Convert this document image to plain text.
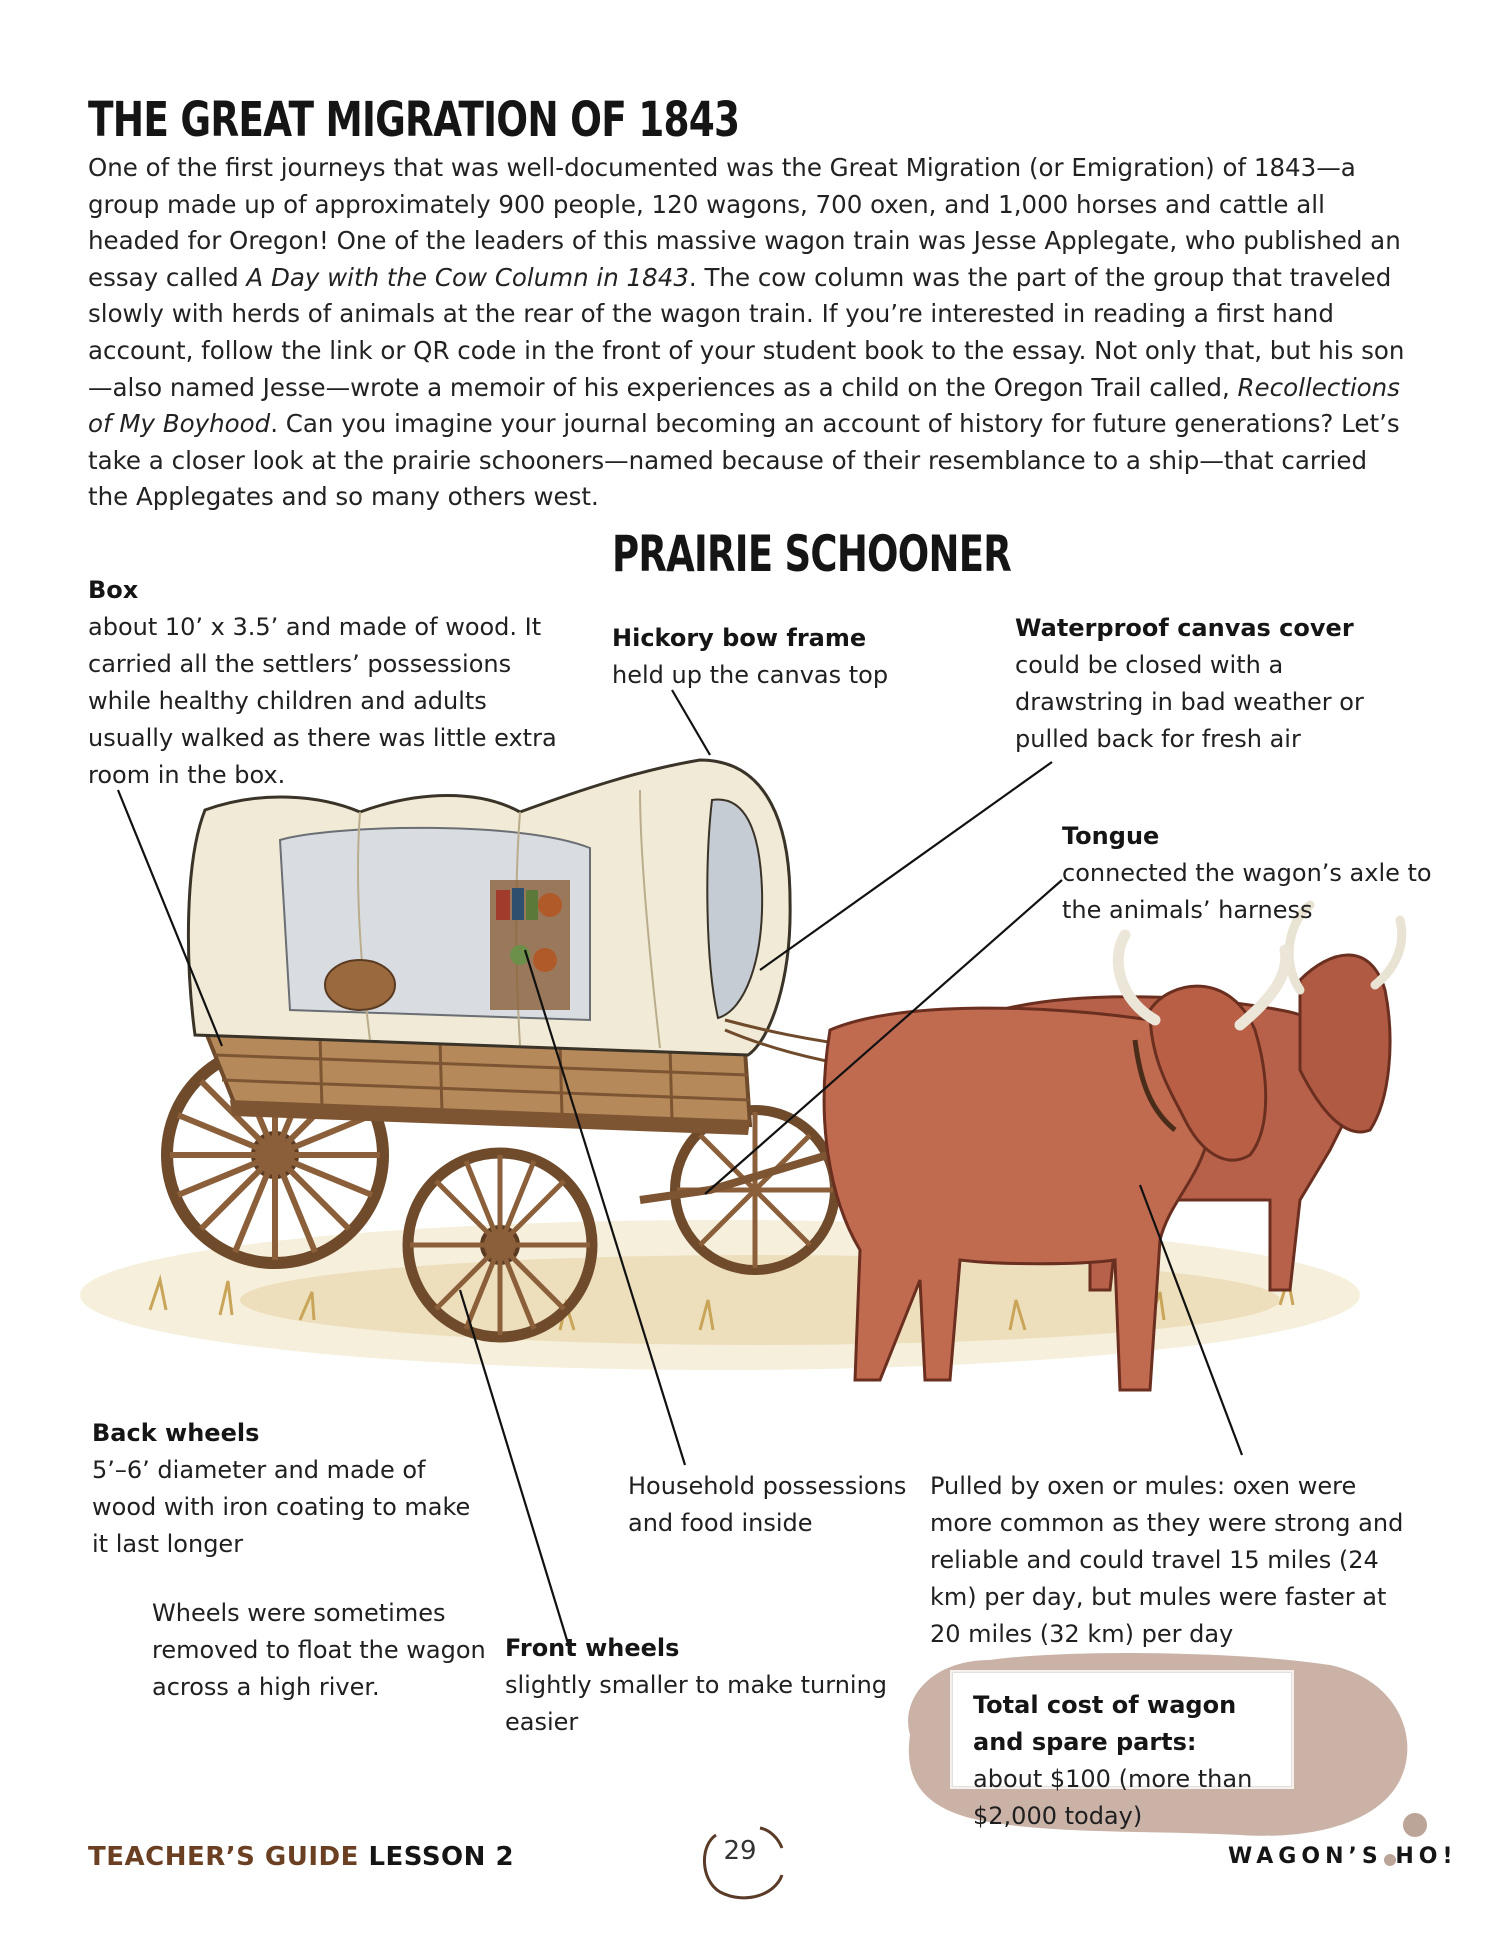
THE GREAT MIGRATION OF 1843
One of the first journeys that was well-documented was the Great Migration (or Emigration) of 1843—a group made up of approximately 900 people, 120 wagons, 700 oxen, and 1,000 horses and cattle all headed for Oregon! One of the leaders of this massive wagon train was Jesse Applegate, who published an essay called A Day with the Cow Column in 1843. The cow column was the part of the group that traveled slowly with herds of animals at the rear of the wagon train. If you’re interested in reading a first hand account, follow the link or QR code in the front of your student book to the essay. Not only that, but his son—also named Jesse—wrote a memoir of his experiences as a child on the Oregon Trail called, Recollections of My Boyhood. Can you imagine your journal becoming an account of history for future generations? Let’s take a closer look at the prairie schooners—named because of their resemblance to a ship—that carried the Applegates and so many others west.
PRAIRIE SCHOONER
Box
about 10’ x 3.5’ and made of wood. It carried all the settlers’ possessions while healthy children and adults usually walked as there was little extra room in the box.
Hickory bow frame
held up the canvas top
Waterproof canvas cover
could be closed with a drawstring in bad weather or pulled back for fresh air
Tongue
connected the wagon’s axle to the animals’ harness
Back wheels
5’–6’ diameter and made of wood with iron coating to make it last longer
Wheels were sometimes removed to float the wagon across a high river.
Household possessions and food inside
Pulled by oxen or mules: oxen were more common as they were strong and reliable and could travel 15 miles (24 km) per day, but mules were faster at 20 miles (32 km) per day
Front wheels
slightly smaller to make turning easier
Total cost of wagon and spare parts: about $100 (more than $2,000 today)
TEACHER’S GUIDE LESSON 2	29	WAGON’S HO!
